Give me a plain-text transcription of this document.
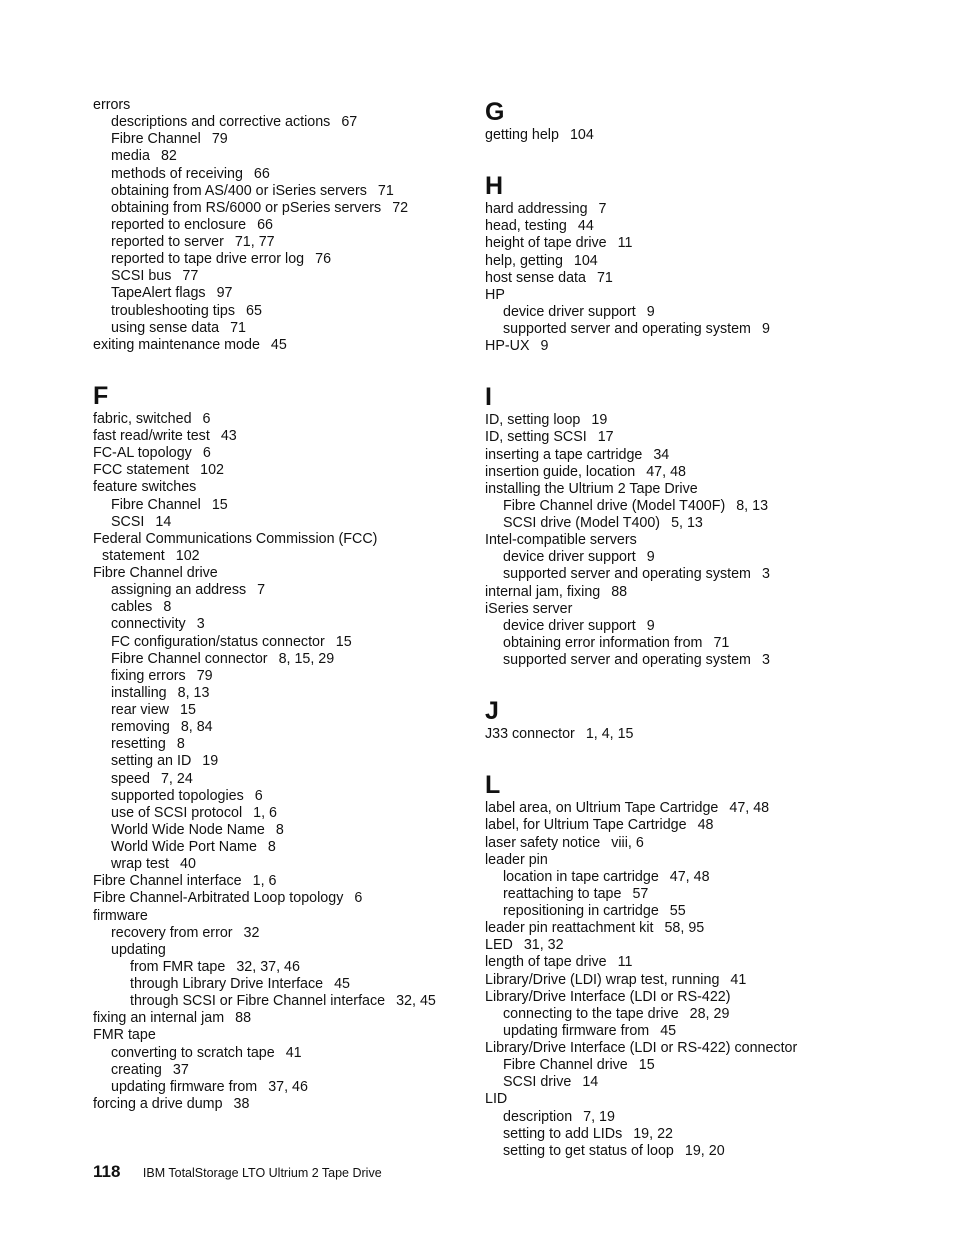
errors
descriptions and corrective actions 67
Fibre Channel 79
media 82
methods of receiving 66
obtaining from AS/400 or iSeries servers 71
obtaining from RS/6000 or pSeries servers 72
reported to enclosure 66
reported to server 71, 77
reported to tape drive error log 76
SCSI bus 77
TapeAlert flags 97
troubleshooting tips 65
using sense data 71
exiting maintenance mode 45
F
fabric, switched 6
fast read/write test 43
FC-AL topology 6
FCC statement 102
feature switches
Fibre Channel 15
SCSI 14
Federal Communications Commission (FCC)
statement 102
Fibre Channel drive
assigning an address 7
cables 8
connectivity 3
FC configuration/status connector 15
Fibre Channel connector 8, 15, 29
fixing errors 79
installing 8, 13
rear view 15
removing 8, 84
resetting 8
setting an ID 19
speed 7, 24
supported topologies 6
use of SCSI protocol 1, 6
World Wide Node Name 8
World Wide Port Name 8
wrap test 40
Fibre Channel interface 1, 6
Fibre Channel-Arbitrated Loop topology 6
firmware
recovery from error 32
updating
from FMR tape 32, 37, 46
through Library Drive Interface 45
through SCSI or Fibre Channel interface 32, 45
fixing an internal jam 88
FMR tape
converting to scratch tape 41
creating 37
updating firmware from 37, 46
forcing a drive dump 38
G
getting help 104
H
hard addressing 7
head, testing 44
height of tape drive 11
help, getting 104
host sense data 71
HP
device driver support 9
supported server and operating system 9
HP-UX 9
I
ID, setting loop 19
ID, setting SCSI 17
inserting a tape cartridge 34
insertion guide, location 47, 48
installing the Ultrium 2 Tape Drive
Fibre Channel drive (Model T400F) 8, 13
SCSI drive (Model T400) 5, 13
Intel-compatible servers
device driver support 9
supported server and operating system 3
internal jam, fixing 88
iSeries server
device driver support 9
obtaining error information from 71
supported server and operating system 3
J
J33 connector 1, 4, 15
L
label area, on Ultrium Tape Cartridge 47, 48
label, for Ultrium Tape Cartridge 48
laser safety notice viii, 6
leader pin
location in tape cartridge 47, 48
reattaching to tape 57
repositioning in cartridge 55
leader pin reattachment kit 58, 95
LED 31, 32
length of tape drive 11
Library/Drive (LDI) wrap test, running 41
Library/Drive Interface (LDI or RS-422)
connecting to the tape drive 28, 29
updating firmware from 45
Library/Drive Interface (LDI or RS-422) connector
Fibre Channel drive 15
SCSI drive 14
LID
description 7, 19
setting to add LIDs 19, 22
setting to get status of loop 19, 20
118 IBM TotalStorage LTO Ultrium 2 Tape Drive
